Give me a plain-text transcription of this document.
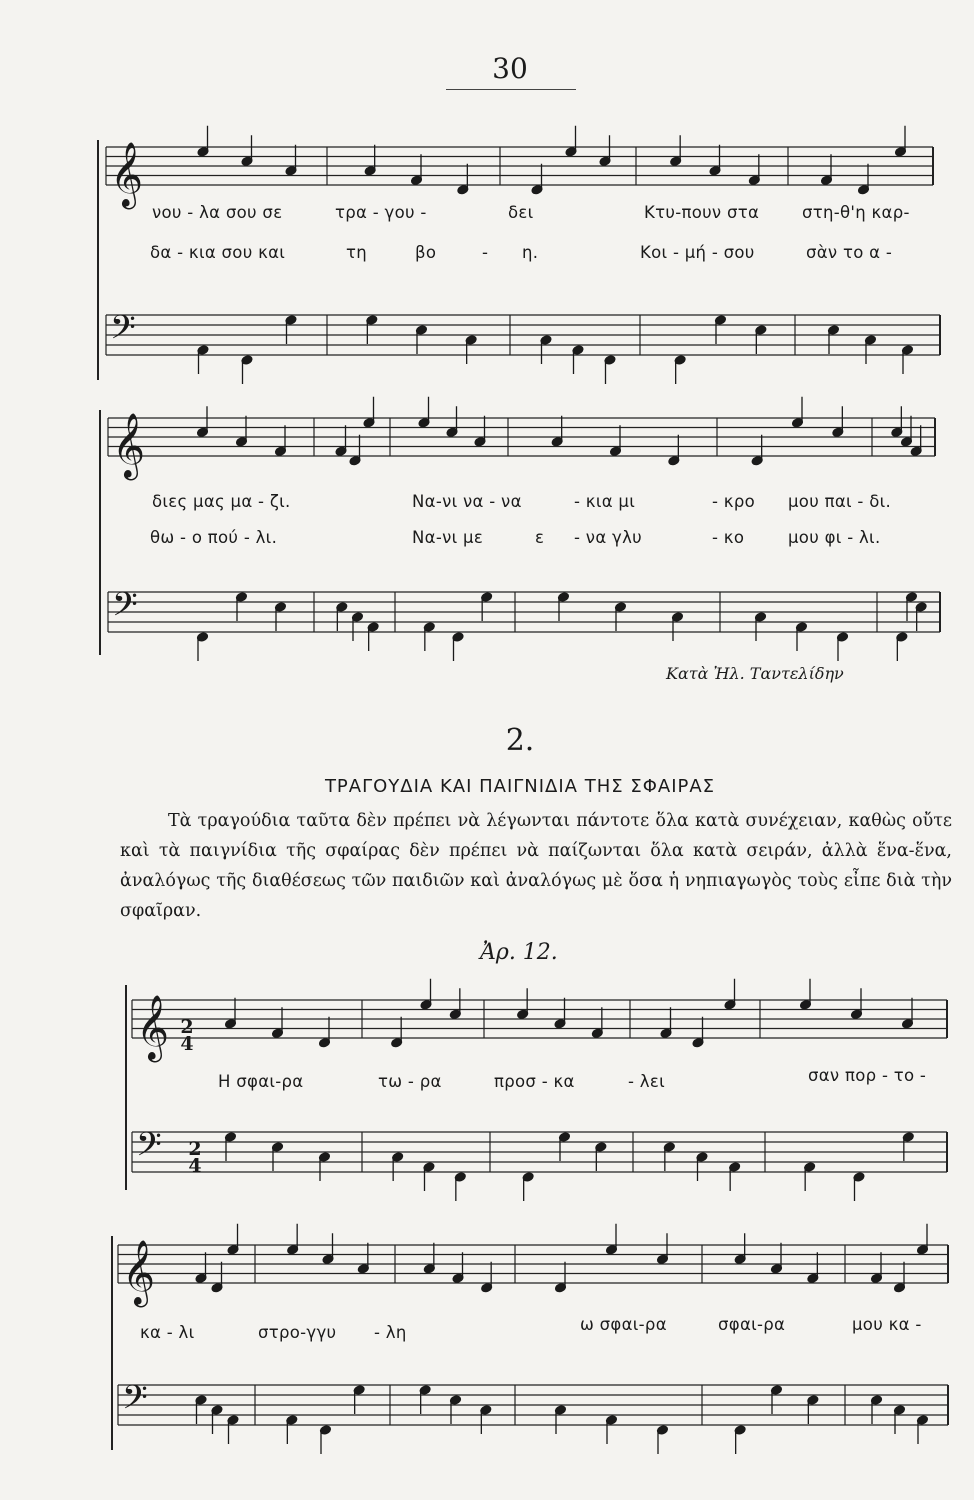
30
𝄞
𝄢
𝄞
𝄢
𝄞
𝄢
𝄞
𝄢
νου - λα σου σε	τρα - γου -	δει	Κτυ-πουν στα	στη-θ'η καρ-
δα - κια σου και	τη	βο	- η.	Κοι - μή - σου	σὰν το α -
διες μας μα - ζι.	Να-νι να - να	- κια μι	- κρο μου παι - δι.
θω - ο πού - λι.	Να-νι με	ε - να γλυ	- κο	μου φι - λι.
Κατὰ Ἠλ. Ταντελίδην
2.
ΤΡΑΓΟΥΔΙΑ ΚΑΙ ΠΑΙΓΝΙΔΙΑ ΤΗΣ ΣΦΑΙΡΑΣ
Τὰ τραγούδια ταῦτα δὲν πρέπει νὰ λέγωνται πάντοτε ὅλα κατὰ συνέχειαν, καθὼς οὔτε καὶ τὰ παιγνίδια τῆς σφαίρας δὲν πρέπει νὰ παίζωνται ὅλα κατὰ σειράν, ἀλλὰ ἕνα-ἕνα, ἀναλόγως τῆς διαθέσεως τῶν παιδιῶν καὶ ἀναλόγως μὲ ὅσα ἡ νηπιαγωγὸς τοὺς εἶπε διὰ τὴν σφαῖραν.
Ἀρ. 12.
2
4
2
4
Η σφαι-ρα	τω - ρα	προσ - κα	- λει	σαν πορ - το -
κα - λι	στρο-γγυ - λη	ω σφαι-ρα	σφαι-ρα	μου κα -
